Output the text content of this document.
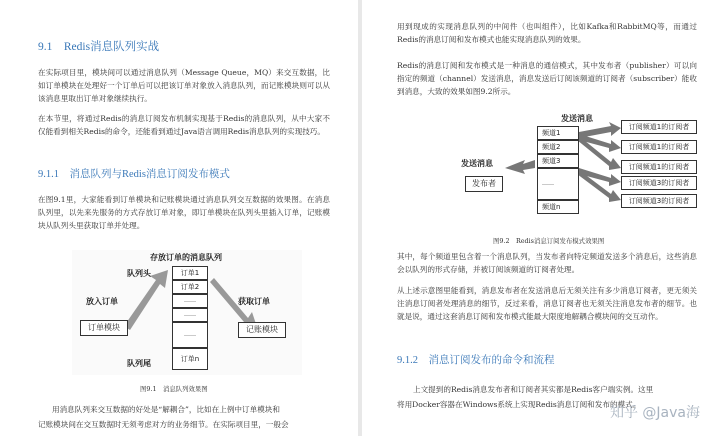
9.1　Redis消息队列实战
在实际项目里，模块间可以通过消息队列（Message Queue，MQ）来交互数据，比如订单模块在处理好一个订单后可以把该订单对象放入消息队列，而记账模块则可以从该消息里取出订单对象继续执行。
在本节里，将通过Redis的消息订阅发布机制实现基于Redis的消息队列，从中大家不仅能看到相关Redis的命令，还能看到通过Java语言调用Redis消息队列的实现技巧。
9.1.1　消息队列与Redis消息订阅发布模式
在图9.1里，大家能看到订单模块和记账模块通过消息队列交互数据的效果图。在消息队列里，以先来先服务的方式存放订单对象，即订单模块在队列头里插入订单，记账模块从队列头里获取订单并处理。
存放订单的消息队列
队列头
队列尾
放入订单	获取订单
订单模块	记账模块
订单1
订单2
……
……
……
订单n
图9.1　消息队列效果图
用消息队列来交互数据的好处是“解耦合”，比如在上例中订单模块和
记账模块间在交互数据时无须考虑对方的业务细节。在实际项目里，一般会
用到现成的实现消息队列的中间件（也叫组件），比如Kafka和RabbitMQ等，而通过Redis的消息订阅和发布模式也能实现消息队列的效果。
Redis的消息订阅和发布模式是一种消息的通信模式，其中发布者（publisher）可以向指定的频道（channel）发送消息，消息发送后订阅该频道的订阅者（subscriber）能收到消息，大致的效果如图9.2所示。
发送消息
发送消息
发布者
频道1
频道2
频道3
……
频道n
订阅频道1的订阅者
订阅频道1的订阅者
订阅频道1的订阅者
订阅频道3的订阅者
订阅频道3的订阅者
图9.2　Redis消息订阅发布模式效果图
其中，每个频道里包含着一个消息队列，当发布者向特定频道发送多个消息后，这些消息会以队列的形式存储，并被订阅该频道的订阅者处理。
从上述示意图里能看到，消息发布者在发送消息后无须关注有多少消息订阅者，更无须关注消息订阅者处理消息的细节，反过来看，消息订阅者也无须关注消息发布者的细节。也就是说，通过这套消息订阅和发布模式能最大限度地解耦合模块间的交互动作。
9.1.2　消息订阅发布的命令和流程
上文提到的Redis消息发布者和订阅者其实都是Redis客户端实例。这里
将用Docker容器在Windows系统上实现Redis消息订阅和发布的模式。
知乎 @Java海
